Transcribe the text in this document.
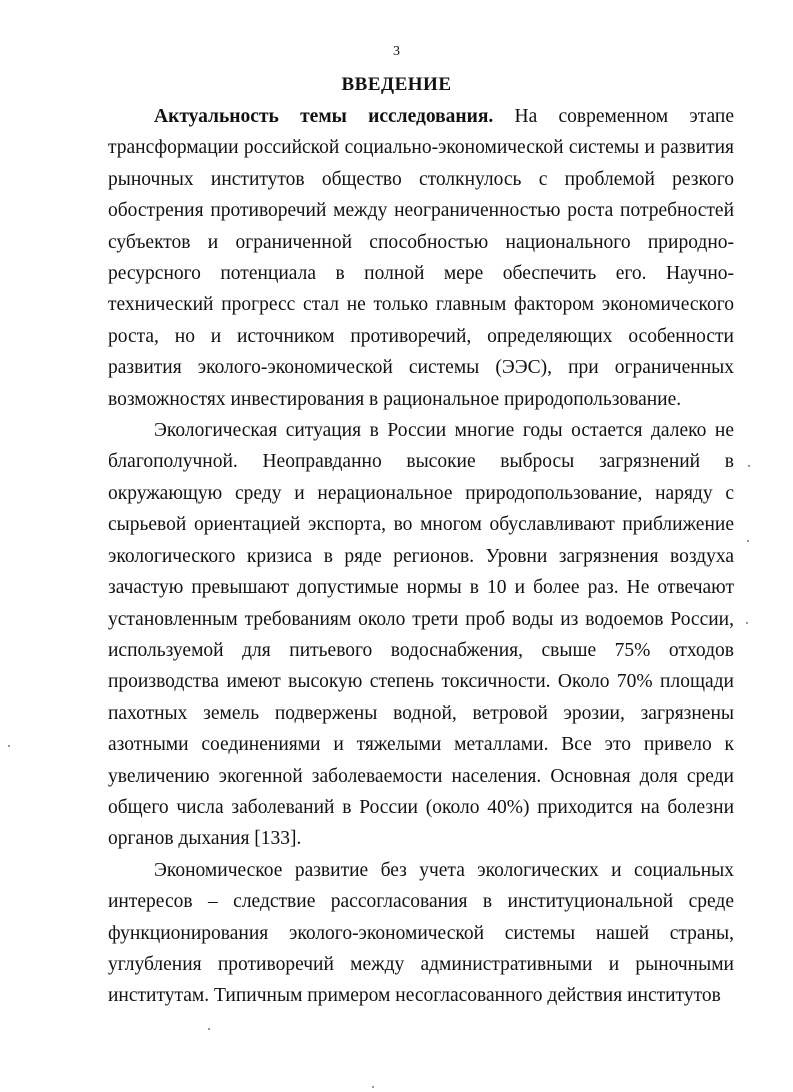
3
ВВЕДЕНИЕ

Актуальность темы исследования. На современном этапе трансформации российской социально-экономической системы и развития рыночных институтов общество столкнулось с проблемой резкого обострения противоречий между неограниченностью роста потребностей субъектов и ограниченной способностью национального природно-ресурсного потенциала в полной мере обеспечить его. Научно-технический прогресс стал не только главным фактором экономического роста, но и источником противоречий, определяющих особенности развития эколого-экономической системы (ЭЭС), при ограниченных возможностях инвестирования в рациональное природопользование.

Экологическая ситуация в России многие годы остается далеко не благополучной. Неоправданно высокие выбросы загрязнений в окружающую среду и нерациональное природопользование, наряду с сырьевой ориентацией экспорта, во многом обуславливают приближение экологического кризиса в ряде регионов. Уровни загрязнения воздуха зачастую превышают допустимые нормы в 10 и более раз. Не отвечают установленным требованиям около трети проб воды из водоемов России, используемой для питьевого водоснабжения, свыше 75% отходов производства имеют высокую степень токсичности. Около 70% площади пахотных земель подвержены водной, ветровой эрозии, загрязнены азотными соединениями и тяжелыми металлами. Все это привело к увеличению экогенной заболеваемости населения. Основная доля среди общего числа заболеваний в России (около 40%) приходится на болезни органов дыхания [133].

Экономическое развитие без учета экологических и социальных интересов – следствие рассогласования в институциональной среде функционирования эколого-экономической системы нашей страны, углубления противоречий между административными и рыночными институтам. Типичным примером несогласованного действия институтов
